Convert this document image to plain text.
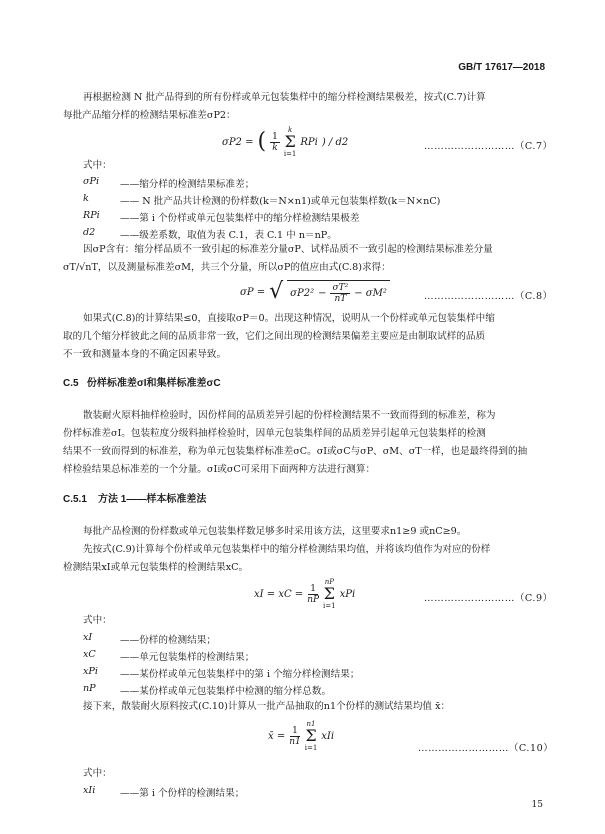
GB/T 17617—2018
再根据检测 N 批产品得到的所有份样或单元包装集样中的缩分样检测结果极差，按式(C.7)计算
每批产品缩分样的检测结果标准差σP2：
σP2 = ( $\frac{1}{k}$
k
Σ
i=1
RPi ) / d2	………………………（C.7）
式中：
σPi ——缩分样的检测结果标准差；
k	—— N 批产品共计检测的份样数(k＝N×n1)或单元包装集样数(k＝N×nC)
RPi ——第 i 个份样或单元包装集样中的缩分样检测结果极差
d2	——级差系数，取值为表 C.1，表 C.1 中 n＝nP。
因σP含有：缩分样品质不一致引起的标准差分量σP、试样品质不一致引起的检测结果标准差分量
σT/√nT，以及测量标准差σM，共三个分量，所以σP的值应由式(C.8)求得：
σP = √ $\sigma P2^2 - \frac{\text{σT²}}{nT} - \sigma M^2$	………………………（C.8）
如果式(C.8)的计算结果≤0，直接取σP＝0。出现这种情况，说明从一个份样或单元包装集样中缩
取的几个缩分样彼此之间的品质非常一致，它们之间出现的检测结果偏差主要应是由制取试样的品质
不一致和测量本身的不确定因素导致。
C.5 份样标准差σI和集样标准差σC
散装耐火原料抽样检验时，因份样间的品质差异引起的份样检测结果不一致而得到的标准差，称为
份样标准差σI。包装粒度分级料抽样检验时，因单元包装集样间的品质差异引起单元包装集样的检测
结果不一致而得到的标准差，称为单元包装集样标准差σC。σI或σC与σP、σM、σT一样，也是最终得到的抽
样检验结果总标准差的一个分量。σI或σC可采用下面两种方法进行测算：
C.5.1 方法 1——样本标准差法
每批产品检测的份样数或单元包装集样数足够多时采用该方法，这里要求n1≥9 或nC≥9。
先按式(C.9)计算每个份样或单元包装集样中的缩分样检测结果均值，并将该均值作为对应的份样
检测结果xI或单元包装集样的检测结果xC。
xI = xC = $\frac{1}{nP}$
nP
Σ
i=1
xPi	………………………（C.9）
式中：
xI	——份样的检测结果；
xC	——单元包装集样的检测结果；
xPi ——某份样或单元包装集样中的第 i 个缩分样检测结果；
nP	——某份样或单元包装集样中检测的缩分样总数。
接下来，散装耐火原料按式(C.10)计算从一批产品抽取的n1个份样的测试结果均值 x̄：
x̄ = $\frac{1}{n1}$
n1
Σ
i=1
xIi
………………………（C.10）
式中：
xIi	——第 i 个份样的检测结果；
15
